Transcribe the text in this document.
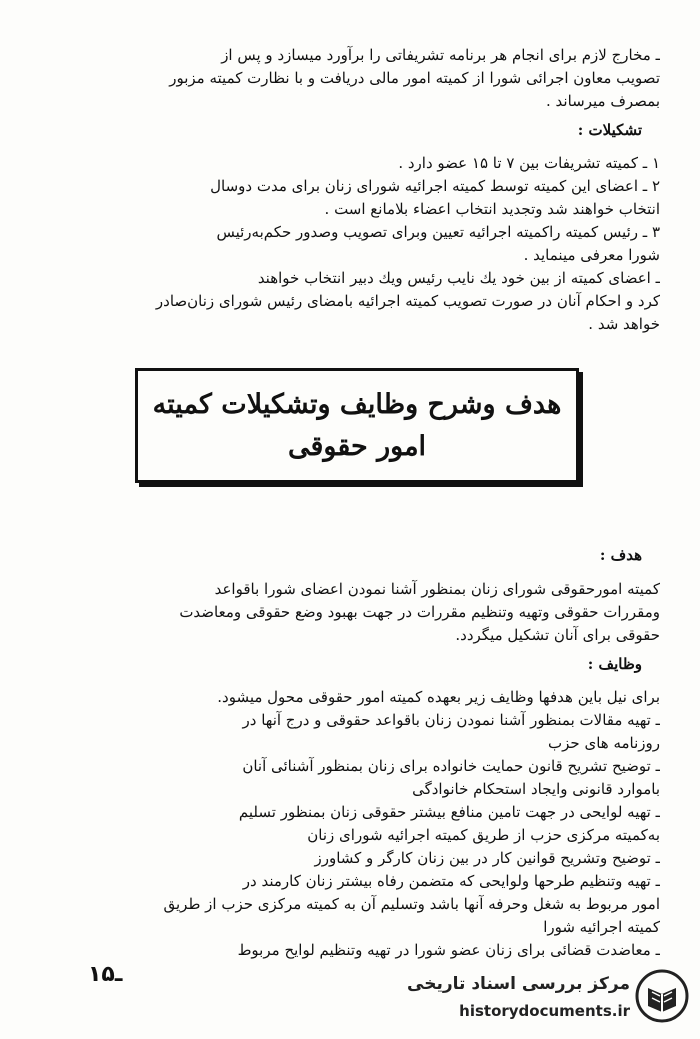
ـ مخارج لازم برای انجام هر برنامه تشریفاتی را برآورد میسازد و پس از
تصویب معاون اجرائی شورا از کمیته امور مالی دریافت و با نظارت کمیته مزبور
بمصرف میرساند .
تشکیلات :
۱ ـ کمیته تشریفات بین ۷ تا ۱۵ عضو دارد .
۲ ـ اعضای این کمیته توسط کمیته اجرائیه شورای زنان برای مدت دوسال
انتخاب خواهند شد وتجدید انتخاب اعضاء بلامانع است .
۳ ـ رئیس کمیته راکمیته اجرائیه تعیین وبرای تصویب وصدور حکم‌به‌رئیس
شورا معرفی مینماید .
ـ اعضای کمیته از بین خود یك نایب رئیس ویك دبیر انتخاب خواهند
کرد و احکام آنان در صورت تصویب کمیته اجرائیه بامضای رئیس شورای زنان‌صادر
خواهد شد .
هدف وشرح وظایف وتشکیلات کمیته
امور حقوقی
هدف :
کمیته امورحقوقی شورای زنان بمنظور آشنا نمودن اعضای شورا باقواعد
ومقررات حقوقی وتهیه وتنظیم مقررات در جهت بهبود وضع حقوقی ومعاضدت
حقوقی برای آنان تشکیل میگردد.
وظایف :
برای نیل باین هدفها وظایف زیر بعهده کمیته امور حقوقی محول میشود.
ـ تهیه مقالات بمنظور آشنا نمودن زنان باقواعد حقوقی و درج آنها در
روزنامه های حزب
ـ توضیح تشریح قانون حمایت خانواده برای زنان بمنظور آشنائی آنان
باموارد قانونی وایجاد استحکام خانوادگی
ـ تهیه لوایحی در جهت تامین منافع بیشتر حقوقی زنان بمنظور تسلیم
به‌کمیته مرکزی حزب از طریق کمیته اجرائیه شورای زنان
ـ توضیح وتشریح قوانین کار در بین زنان کارگر و کشاورز
ـ تهیه وتنظیم طرحها ولوایحی که متضمن رفاه بیشتر زنان کارمند در
امور مربوط به شغل وحرفه آنها باشد وتسلیم آن به کمیته مرکزی حزب از طریق
کمیته اجرائیه شورا
ـ معاضدت قضائی برای زنان عضو شورا در تهیه وتنظیم لوایح مربوط
ـ۱۵	مرکز بررسی اسناد تاریخی
historydocuments.ir
